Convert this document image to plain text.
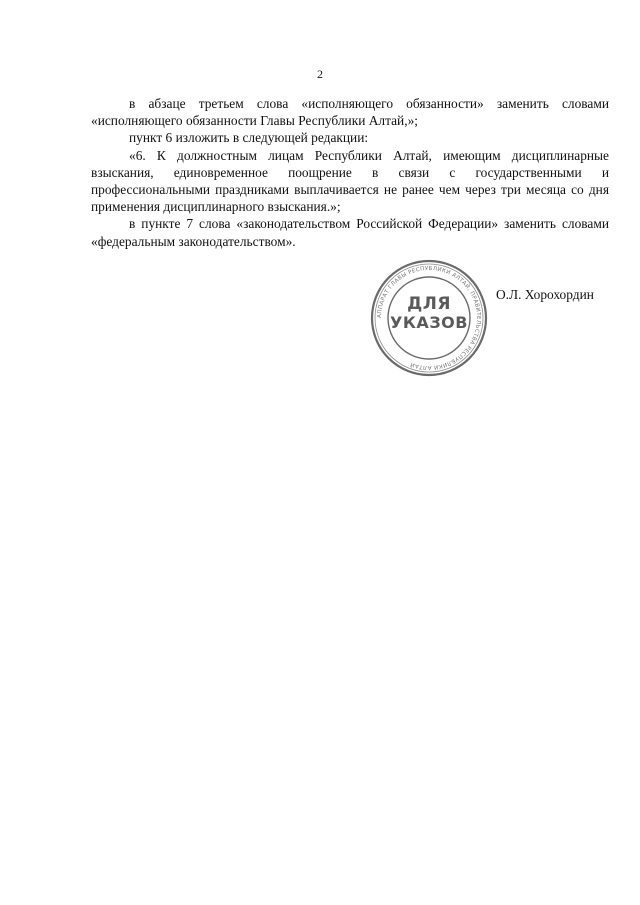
2

в абзаце третьем слова «исполняющего обязанности» заменить словами «исполняющего обязанности Главы Республики Алтай,»;

пункт 6 изложить в следующей редакции:

«6. К должностным лицам Республики Алтай, имеющим дисциплинарные взыскания, единовременное поощрение в связи с государственными и профессиональными праздниками выплачивается не ранее чем через три месяца со дня применения дисциплинарного взыскания.»;

в пункте 7 слова «законодательством Российской Федерации» заменить словами «федеральным законодательством».

АППАРАТ ГЛАВЫ РЕСПУБЛИКИ АЛТАЙ, ПРАВИТЕЛЬСТВА РЕСПУБЛИКИ АЛТАЙ
ДЛЯ
УКАЗОВ
О.Л. Хорохордин
